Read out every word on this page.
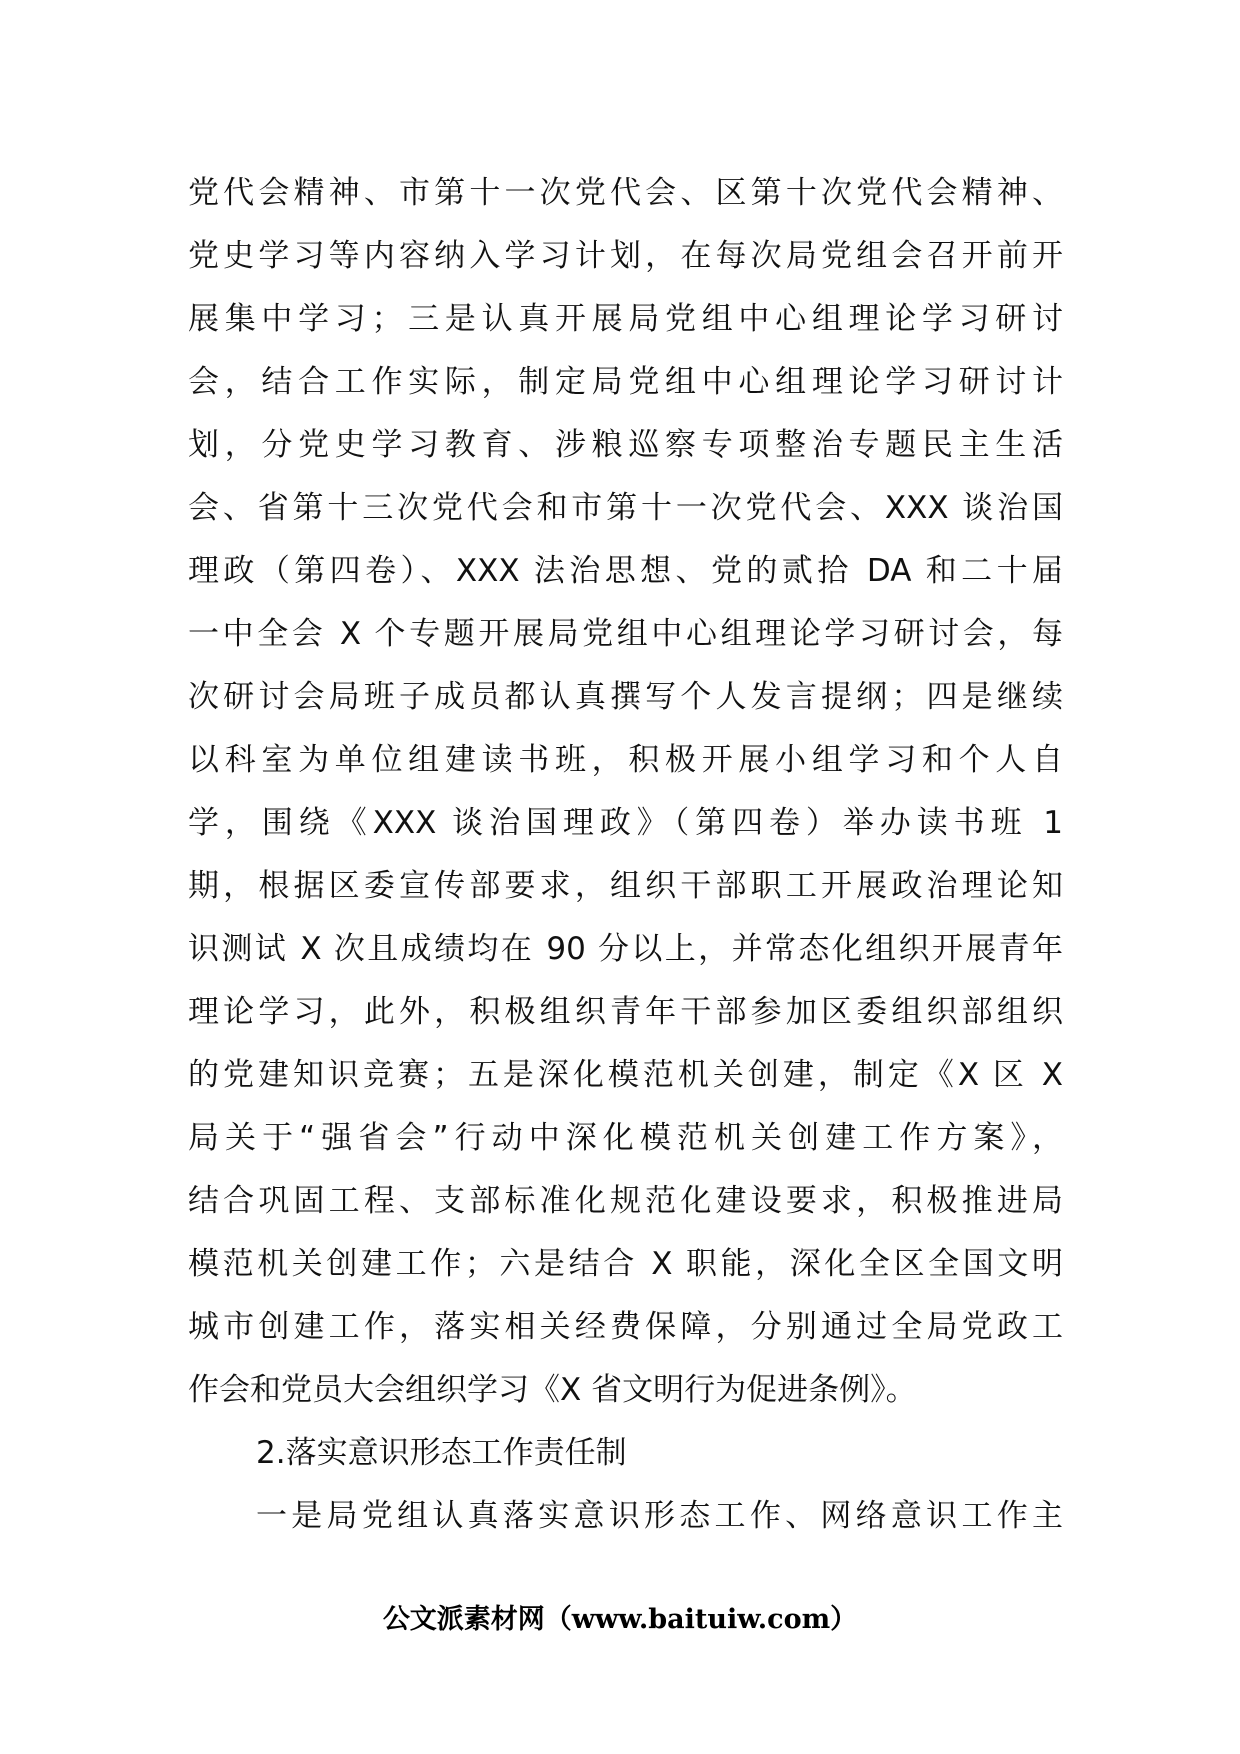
党代会精神、市第十一次党代会、区第十次党代会精神、
党史学习等内容纳入学习计划，在每次局党组会召开前开
展集中学习；三是认真开展局党组中心组理论学习研讨
会，结合工作实际，制定局党组中心组理论学习研讨计
划，分党史学习教育、涉粮巡察专项整治专题民主生活
会、省第十三次党代会和市第十一次党代会、XXX 谈治国
理政（第四卷）、XXX 法治思想、党的贰拾 DA 和二十届
一中全会 X 个专题开展局党组中心组理论学习研讨会，每
次研讨会局班子成员都认真撰写个人发言提纲；四是继续
以科室为单位组建读书班，积极开展小组学习和个人自
学，围绕《XXX 谈治国理政》（第四卷）举办读书班 1
期，根据区委宣传部要求，组织干部职工开展政治理论知
识测试 X 次且成绩均在 90 分以上，并常态化组织开展青年
理论学习，此外，积极组织青年干部参加区委组织部组织
的党建知识竞赛；五是深化模范机关创建，制定《X 区 X
局关于“强省会”行动中深化模范机关创建工作方案》，
结合巩固工程、支部标准化规范化建设要求，积极推进局
模范机关创建工作；六是结合 X 职能，深化全区全国文明
城市创建工作，落实相关经费保障，分别通过全局党政工
作会和党员大会组织学习《X 省文明行为促进条例》。
2.落实意识形态工作责任制
一是局党组认真落实意识形态工作、网络意识工作主
公文派素材网（www.baituiw.com）
